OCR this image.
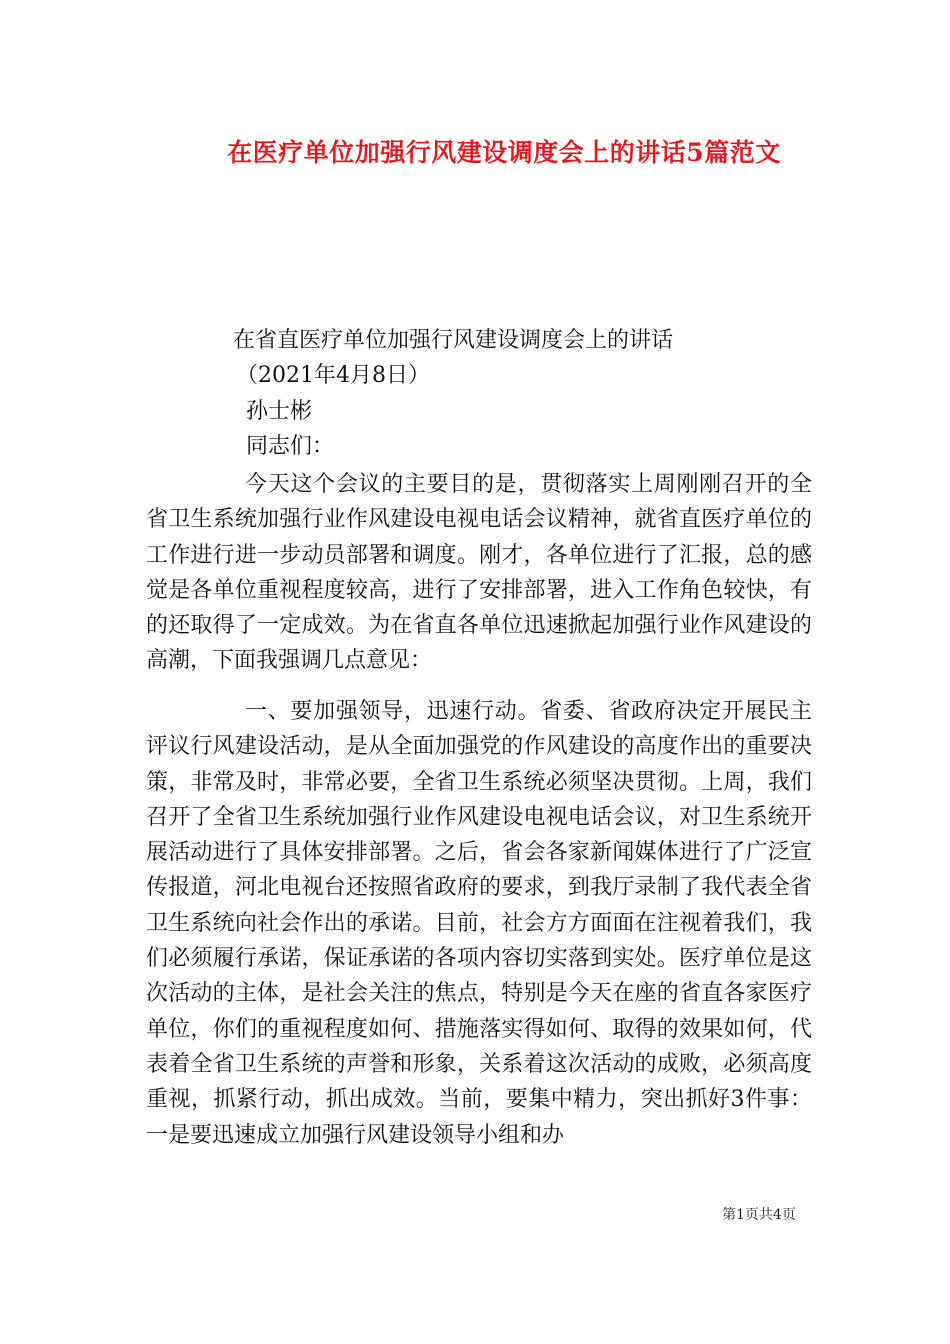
在医疗单位加强行风建设调度会上的讲话5篇范文
在省直医疗单位加强行风建设调度会上的讲话
（2021年4月8日）
孙士彬
同志们：

今天这个会议的主要目的是，贯彻落实上周刚刚召开的全省卫生系统加强行业作风建设电视电话会议精神，就省直医疗单位的工作进行进一步动员部署和调度。刚才，各单位进行了汇报，总的感觉是各单位重视程度较高，进行了安排部署，进入工作角色较快，有的还取得了一定成效。为在省直各单位迅速掀起加强行业作风建设的高潮，下面我强调几点意见：

一、要加强领导，迅速行动。省委、省政府决定开展民主评议行风建设活动，是从全面加强党的作风建设的高度作出的重要决策，非常及时，非常必要，全省卫生系统必须坚决贯彻。上周，我们召开了全省卫生系统加强行业作风建设电视电话会议，对卫生系统开展活动进行了具体安排部署。之后，省会各家新闻媒体进行了广泛宣传报道，河北电视台还按照省政府的要求，到我厅录制了我代表全省卫生系统向社会作出的承诺。目前，社会方方面面在注视着我们，我们必须履行承诺，保证承诺的各项内容切实落到实处。医疗单位是这次活动的主体，是社会关注的焦点，特别是今天在座的省直各家医疗单位，你们的重视程度如何、措施落实得如何、取得的效果如何，代表着全省卫生系统的声誉和形象，关系着这次活动的成败，必须高度重视，抓紧行动，抓出成效。当前，要集中精力，突出抓好3件事：一是要迅速成立加强行风建设领导小组和办

第1页共4页
